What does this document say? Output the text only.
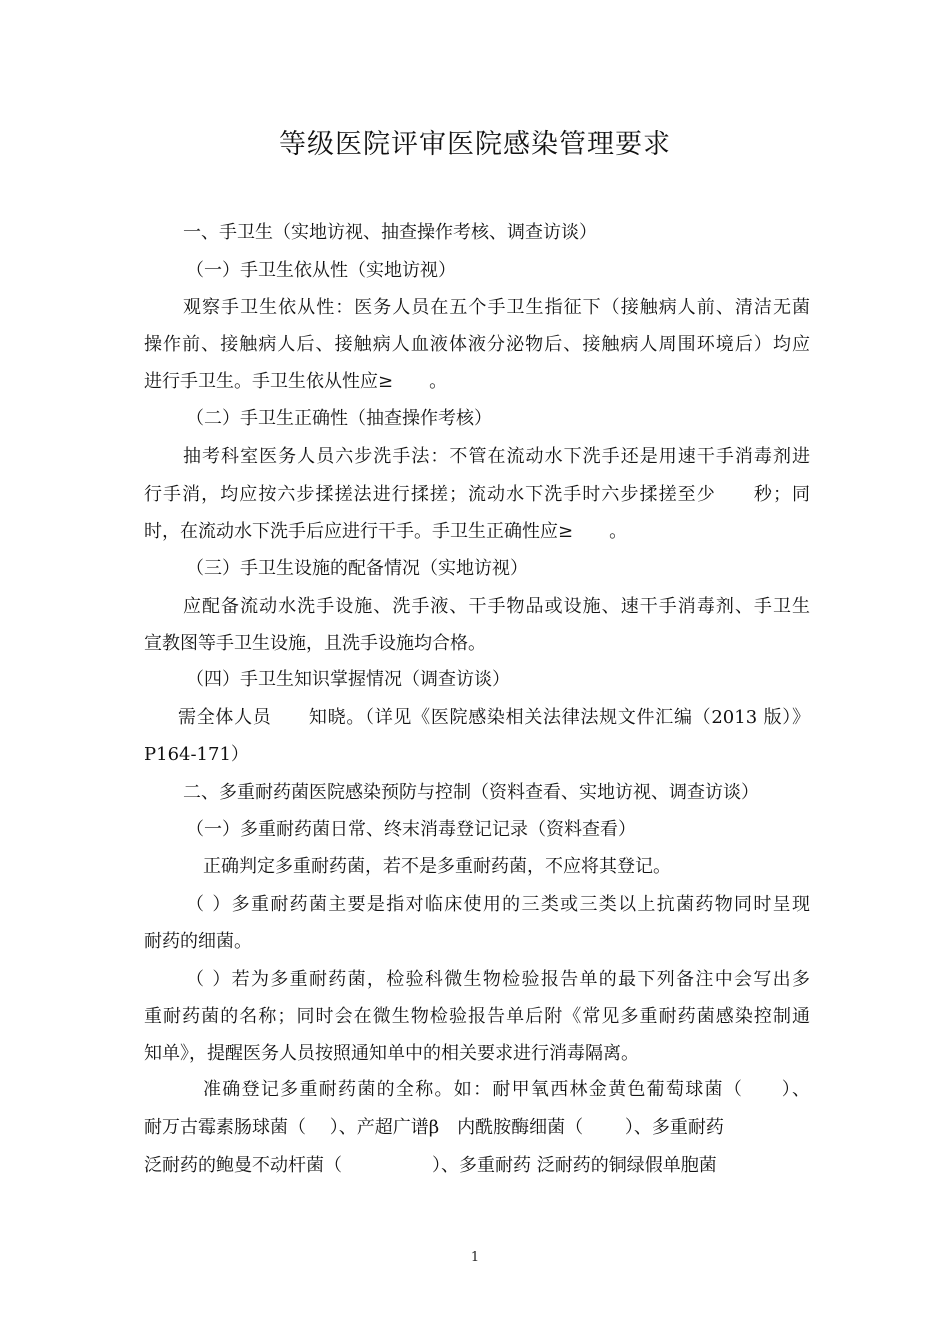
等级医院评审医院感染管理要求
一、手卫生（实地访视、抽查操作考核、调查访谈）
（一）手卫生依从性（实地访视）
观察手卫生依从性：医务人员在五个手卫生指征下（接触病人前、清洁无菌
操作前、接触病人后、接触病人血液体液分泌物后、接触病人周围环境后）均应
进行手卫生。手卫生依从性应≥　　。
（二）手卫生正确性（抽查操作考核）
抽考科室医务人员六步洗手法：不管在流动水下洗手还是用速干手消毒剂进
行手消，均应按六步揉搓法进行揉搓；流动水下洗手时六步揉搓至少　　秒；同
时，在流动水下洗手后应进行干手。手卫生正确性应≥　　。
（三）手卫生设施的配备情况（实地访视）
应配备流动水洗手设施、洗手液、干手物品或设施、速干手消毒剂、手卫生
宣教图等手卫生设施，且洗手设施均合格。
（四）手卫生知识掌握情况（调查访谈）
需全体人员　　知晓。（详见《医院感染相关法律法规文件汇编（2013 版）》
P164-171）
二、多重耐药菌医院感染预防与控制（资料查看、实地访视、调查访谈）
（一）多重耐药菌日常、终末消毒登记记录（资料查看）
正确判定多重耐药菌，若不是多重耐药菌，不应将其登记。
（ ）多重耐药菌主要是指对临床使用的三类或三类以上抗菌药物同时呈现
耐药的细菌。
（ ）若为多重耐药菌，检验科微生物检验报告单的最下列备注中会写出多
重耐药菌的名称；同时会在微生物检验报告单后附《常见多重耐药菌感染控制通
知单》，提醒医务人员按照通知单中的相关要求进行消毒隔离。
准确登记多重耐药菌的全称。如：耐甲氧西林金黄色葡萄球菌（　　）、
耐万古霉素肠球菌（　 ）、产超广谱β　内酰胺酶细菌（　　 ）、多重耐药
泛耐药的鲍曼不动杆菌（　　　　　）、多重耐药 泛耐药的铜绿假单胞菌
1
